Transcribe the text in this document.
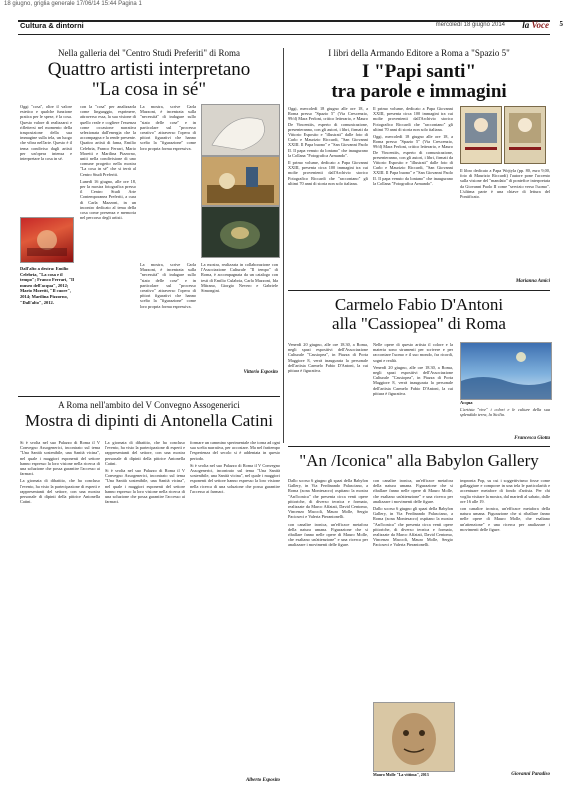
18 giugno, griglia generale 17/06/14 15:44 Pagina 1
Cultura & dintorni	mercoledì 18 giugno 2014 la Voce 5
Nella galleria del "Centro Studi Preferiti" di Roma
Quattro artisti interpretano
"La cosa in sé"

Oggi "cosa", oltre il valore estetico e qualche funzione pratica per le spese, é la cosa. Questo valore di realizzarsi e riflettersi nel momento della trasposizione della sua immagine sulla tela, un luogo che vibra nell'arte. Questo è il tema condiviso dagli artisti per un'opera intensa e interpretare la cosa in sé.

Dall'alto a destra: Emilio Celebria, "La cosa e il tempo"; Franco Ferrari, "Il museo dell'acqua", 2012; Mario Moretti, "Il cuore", 2014; Marilina Pizzorno, "Dall'alto", 2012.

con la "cosa" per analizzarla come linguaggio, esprimere, attraverso essa, la sua visione di quello reale e cogliere l'essenza come occasione narrativa selezionata dall'energia che la accompagna e la rende presente. Quattro artisti di fama, Emilio Celebria, Franco Ferrari, Mario Moretti e Marilina Pizzorno, uniti nella condivisione di uno comune progetto nella mostra "La cosa in sé" che si terrà al Centro Studi Preferiti.

Lunedì 16 giugno, alle ore 18, per la mostra fotografica presso il Centro Studi Arte Contemporanea Preferiti, a cura di Carla Mazzoni, in un incontro dedicato al tema della cosa come presenza e memoria nel percorso degli artisti.

La mostra, scrive Carla Mazzoni, è incentrata sulla "necessità" di indagare sullo "stato delle cose" e in particolare sul "processo creativo" attraverso l'opera di pittori figurativi che hanno scelto la "figurazione" come loro propria forma espressiva.

La mostra, scrive Carla Mazzoni, è incentrata sulla "necessità" di indagare sullo "stato delle cose" e in particolare sul "processo creativo" attraverso l'opera di pittori figurativi che hanno scelto la "figurazione" come loro propria forma espressiva.

La mostra, realizzata in collaborazione con l'Associazione Culturale "Il tempo" di Roma, è accompagnata da un catalogo con testi di Emilio Culabria, Carla Mazzoni, Ida Mitrano, Giorgio Nevero e Gabriele Simongini.

Vittorio Esposito
I libri della Armando Editore a Roma a "Spazio 5"
I "Papi santi"
tra parole e immagini

Oggi, mercoledì 18 giugno alle ore 18, a Roma presso "Spazio 5" (Via Crescenzio, 99/d) Mara Ferloni, critico letterario, e Mauro De Vincentiis, esperto di comunicazione, presenteranno, con gli autori, i libri, firmati da Vittorio Esposito e "illustrati" dalle foto di Carlo e Maurizio Riccardi, "San Giovanni XXIII. Il Papa buono" e "San Giovanni Paolo II. Il papa venuto da lontano" che inaugurano la Collana "Fotografica Armando".

Il primo volume, dedicato a Papa Giovanni XXIII, presenta circa 100 immagini tra cui molte provenienti dall'Archivio storico Fotografico Riccardi che "raccontano" gli ultimi 70 anni di storia non solo italiana.

Il primo volume, dedicato a Papa Giovanni XXIII, presenta circa 100 immagini tra cui molte provenienti dall'Archivio storico Fotografico Riccardi che "raccontano" gli ultimi 70 anni di storia non solo italiana.

Oggi, mercoledì 18 giugno alle ore 18, a Roma presso "Spazio 5" (Via Crescenzio, 99/d) Mara Ferloni, critico letterario, e Mauro De Vincentiis, esperto di comunicazione, presenteranno, con gli autori, i libri, firmati da Vittorio Esposito e "illustrati" dalle foto di Carlo e Maurizio Riccardi, "San Giovanni XXIII. Il Papa buono" e "San Giovanni Paolo II. Il papa venuto da lontano" che inaugurano la Collana "Fotografica Armando".

Il libro dedicato a Papa Wojtyla (pp. 80, euro 9,00, foto di Maurizio Riccardi) l'autore pone l'accento sulla visione del "mandato" di pontefice interpretata da Giovanni Paolo II come "servizio verso l'uomo". L'ultima parte è una chiave di lettura del Pontificato.

Marianna Amici
Carmelo Fabio D'Antoni
alla "Cassiopea" di Roma

Venerdì 20 giugno, alle ore 18.30, a Roma, negli spazi espositivi dell'Associazione Culturale "Cassiopea", in Piazza di Porta Maggiore 8, verrà inaugurata la personale dell'artista Carmelo Fabio D'Antoni, la cui pittura è figurativa.

Nelle opere di questo artista il colore e la materia sono strumenti per scrivere e per raccontare l'uomo e il suo mondo, fra ricordi, sogni e realtà.

Venerdì 20 giugno, alle ore 18.30, a Roma, negli spazi espositivi dell'Associazione Culturale "Cassiopea", in Piazza di Porta Maggiore 8, verrà inaugurata la personale dell'artista Carmelo Fabio D'Antoni, la cui pittura è figurativa.

Acqua
L'artista "vive" i colori e le culture della sua splendida terra, la Sicilia.
Francesca Giotta
A Roma nell'ambito del V Convegno Assogenerici
Mostra di dipinti di Antonella Catini

Si è svolta nel suo Palazzo di Roma il V Convegno Assogenerici, incontrato sul tema "Una Sanità sostenibile, una Sanità vicina", nel quale i maggiori esponenti del settore hanno espresso la loro visione nella ricerca di una soluzione che possa garantire l'accesso ai farmaci.

La giornata di dibattito, che ha concluso l'evento, ha visto la partecipazione di esperti e rappresentanti del settore, con una mostra personale di dipinti della pittrice Antonella Catini.

La giornata di dibattito, che ha concluso l'evento, ha visto la partecipazione di esperti e rappresentanti del settore, con una mostra personale di dipinti della pittrice Antonella Catini.

Si è svolta nel suo Palazzo di Roma il V Convegno Assogenerici, incontrato sul tema "Una Sanità sostenibile, una Sanità vicina", nel quale i maggiori esponenti del settore hanno espresso la loro visione nella ricerca di una soluzione che possa garantire l'accesso ai farmaci.

formare un cammino sperimentale che torna ad ogni sua scelta narrativa, per accostare. Ma nel frattempo l'esperienza del secolo si è addentata in questo periodo.

Si è svolta nel suo Palazzo di Roma il V Convegno Assogenerici, incontrato sul tema "Una Sanità sostenibile, una Sanità vicina", nel quale i maggiori esponenti del settore hanno espresso la loro visione nella ricerca di una soluzione che possa garantire l'accesso ai farmaci.

Alberto Esposito
"An /Iconica" alla Babylon Gallery

Dallo scorso 6 giugno gli spazi della Babylon Gallery, in Via Ferdinando Palasciano, a Roma (zona Montesacro) ospitano la mostra "An/Iconica" che presenta circa venti opere pittoriche, di diverso tecnica e formato, realizzate da Marco Affatati, David Centomo, Vincenzo Maccoli, Mauro Molle, Sergio Pacioseci e Valeria Pierantonelli.

con canalire ironica, un'efficace metafora della natura umana. Figurazione che si riballare fanno nelle opere di Mauro Molle, che esaltano un'attenzione" e una ricerca per analizzare i movimenti delle figure.

con canalire ironica, un'efficace metafora della natura umana. Figurazione che si riballare fanno nelle opere di Mauro Molle, che esaltano un'attenzione" e una ricerca per analizzare i movimenti delle figure.

Dallo scorso 6 giugno gli spazi della Babylon Gallery, in Via Ferdinando Palasciano, a Roma (zona Montesacro) ospitano la mostra "An/Iconica" che presenta circa venti opere pittoriche, di diverso tecnica e formato, realizzate da Marco Affatati, David Centomo, Vincenzo Maccoli, Mauro Molle, Sergio Pacioseci e Valeria Pierantonelli.

Mauro Molle "La vittima", 2013

impronta Pop, su cui i soggettivismo fosse come gallaggiare e comporre in una tela le particolarità e accentuare metafore di fondo d'artista. Per chi voglia visitare la mostra, dal martedì al sabato, dalle ore 16 alle 19.

con canalire ironica, un'efficace metafora della natura umana. Figurazione che si riballare fanno nelle opere di Mauro Molle, che esaltano un'attenzione" e una ricerca per analizzare i movimenti delle figure.

Giovanni Paradiso
